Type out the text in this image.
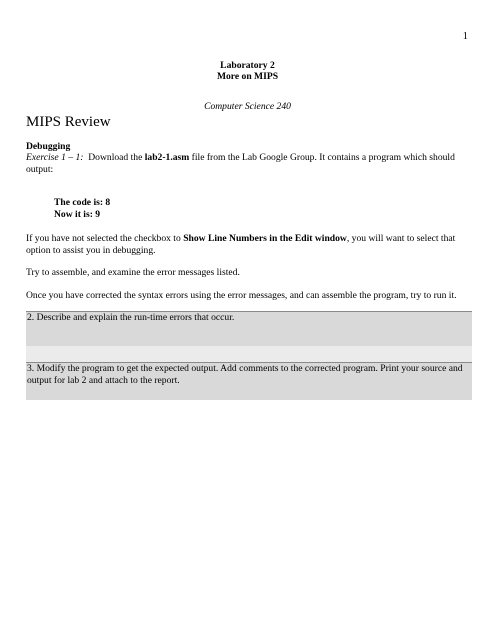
1
Laboratory 2
More on MIPS
Computer Science 240
MIPS Review
Debugging
Exercise 1 – 1:  Download the lab2-1.asm file from the Lab Google Group. It contains a program which should output:
The code is: 8
Now it is: 9
If you have not selected the checkbox to Show Line Numbers in the Edit window, you will want to select that option to assist you in debugging.
Try to assemble, and examine the error messages listed.
Once you have corrected the syntax errors using the error messages, and can assemble the program, try to run it.
2. Describe and explain the run-time errors that occur.
3. Modify the program to get the expected output. Add comments to the corrected program. Print your source and output for lab 2 and attach to the report.
